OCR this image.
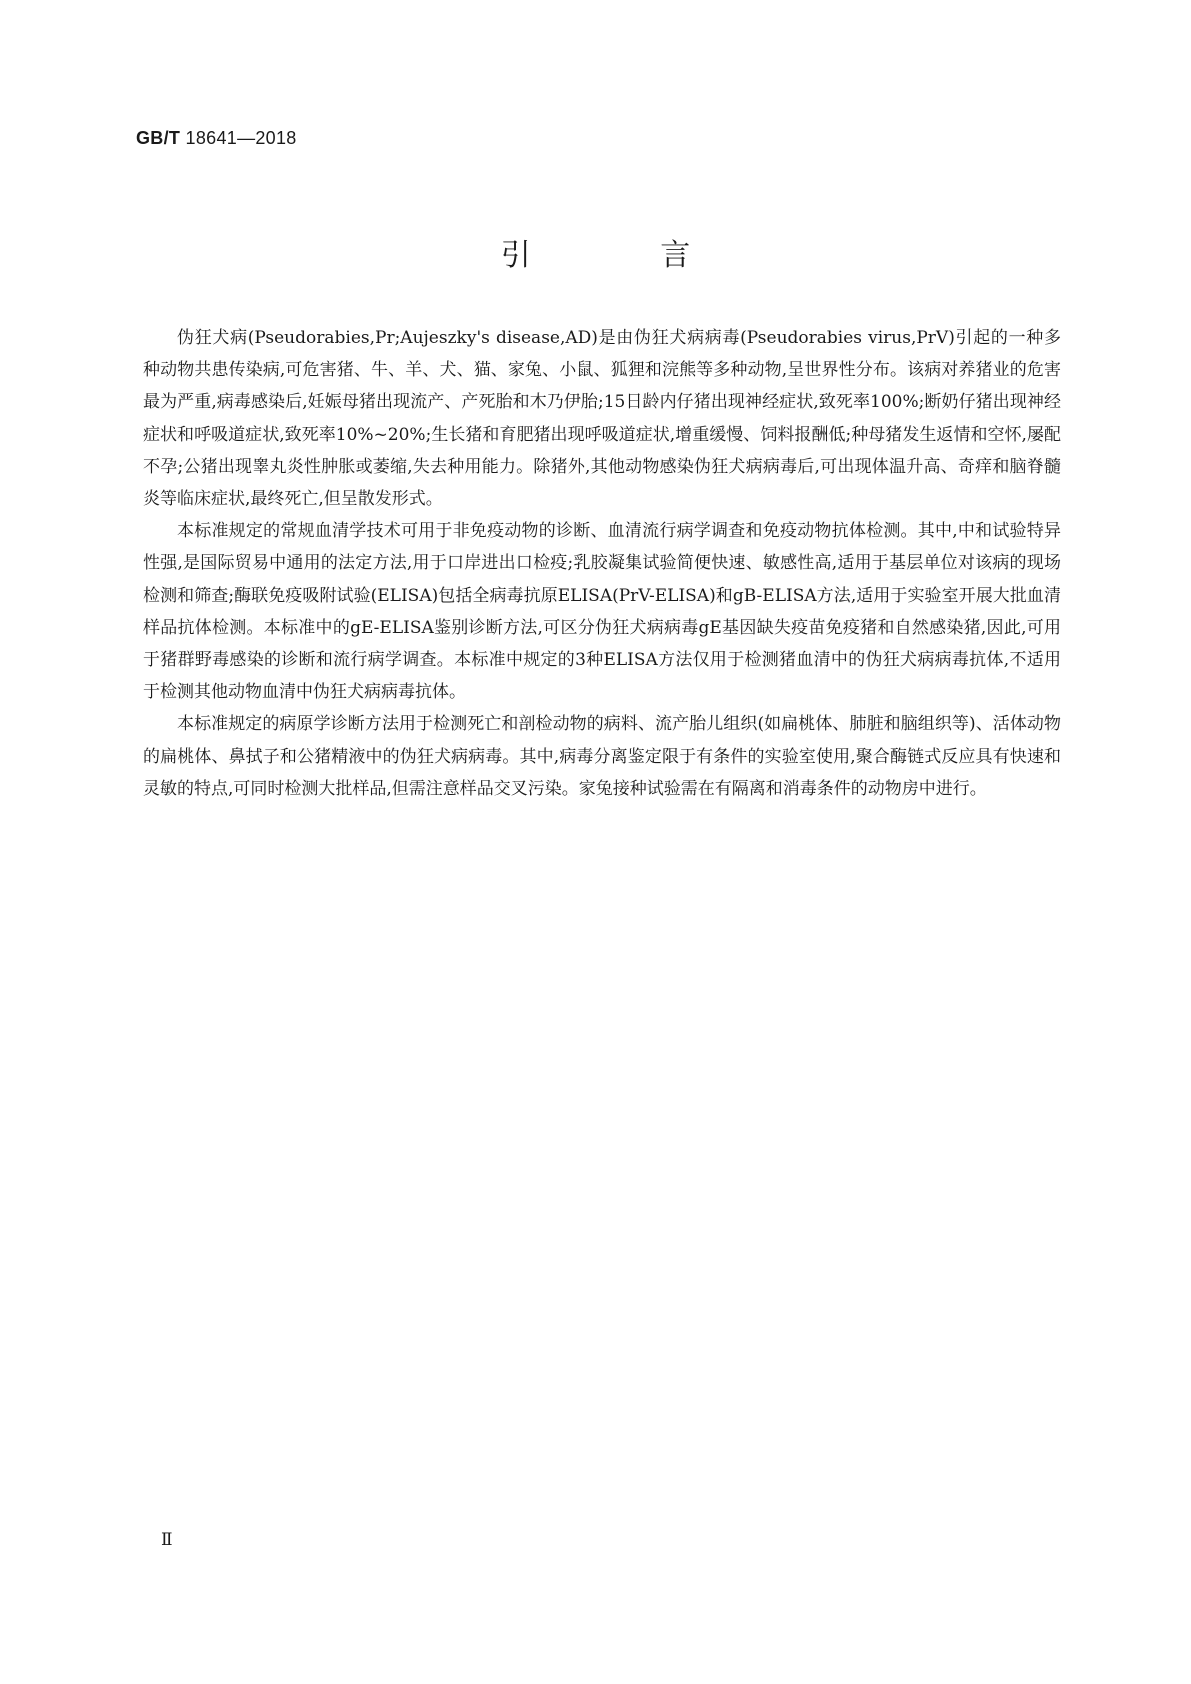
GB/T 18641—2018
引 言

伪狂犬病(Pseudorabies,Pr;Aujeszky's disease,AD)是由伪狂犬病病毒(Pseudorabies virus,PrV)引起的一种多种动物共患传染病,可危害猪、牛、羊、犬、猫、家兔、小鼠、狐狸和浣熊等多种动物,呈世界性分布。该病对养猪业的危害最为严重,病毒感染后,妊娠母猪出现流产、产死胎和木乃伊胎;15日龄内仔猪出现神经症状,致死率100%;断奶仔猪出现神经症状和呼吸道症状,致死率10%~20%;生长猪和育肥猪出现呼吸道症状,增重缓慢、饲料报酬低;种母猪发生返情和空怀,屡配不孕;公猪出现睾丸炎性肿胀或萎缩,失去种用能力。除猪外,其他动物感染伪狂犬病病毒后,可出现体温升高、奇痒和脑脊髓炎等临床症状,最终死亡,但呈散发形式。

本标准规定的常规血清学技术可用于非免疫动物的诊断、血清流行病学调查和免疫动物抗体检测。其中,中和试验特异性强,是国际贸易中通用的法定方法,用于口岸进出口检疫;乳胶凝集试验简便快速、敏感性高,适用于基层单位对该病的现场检测和筛查;酶联免疫吸附试验(ELISA)包括全病毒抗原ELISA(PrV-ELISA)和gB-ELISA方法,适用于实验室开展大批血清样品抗体检测。本标准中的gE-ELISA鉴别诊断方法,可区分伪狂犬病病毒gE基因缺失疫苗免疫猪和自然感染猪,因此,可用于猪群野毒感染的诊断和流行病学调查。本标准中规定的3种ELISA方法仅用于检测猪血清中的伪狂犬病病毒抗体,不适用于检测其他动物血清中伪狂犬病病毒抗体。

本标准规定的病原学诊断方法用于检测死亡和剖检动物的病料、流产胎儿组织(如扁桃体、肺脏和脑组织等)、活体动物的扁桃体、鼻拭子和公猪精液中的伪狂犬病病毒。其中,病毒分离鉴定限于有条件的实验室使用,聚合酶链式反应具有快速和灵敏的特点,可同时检测大批样品,但需注意样品交叉污染。家兔接种试验需在有隔离和消毒条件的动物房中进行。

Ⅱ
